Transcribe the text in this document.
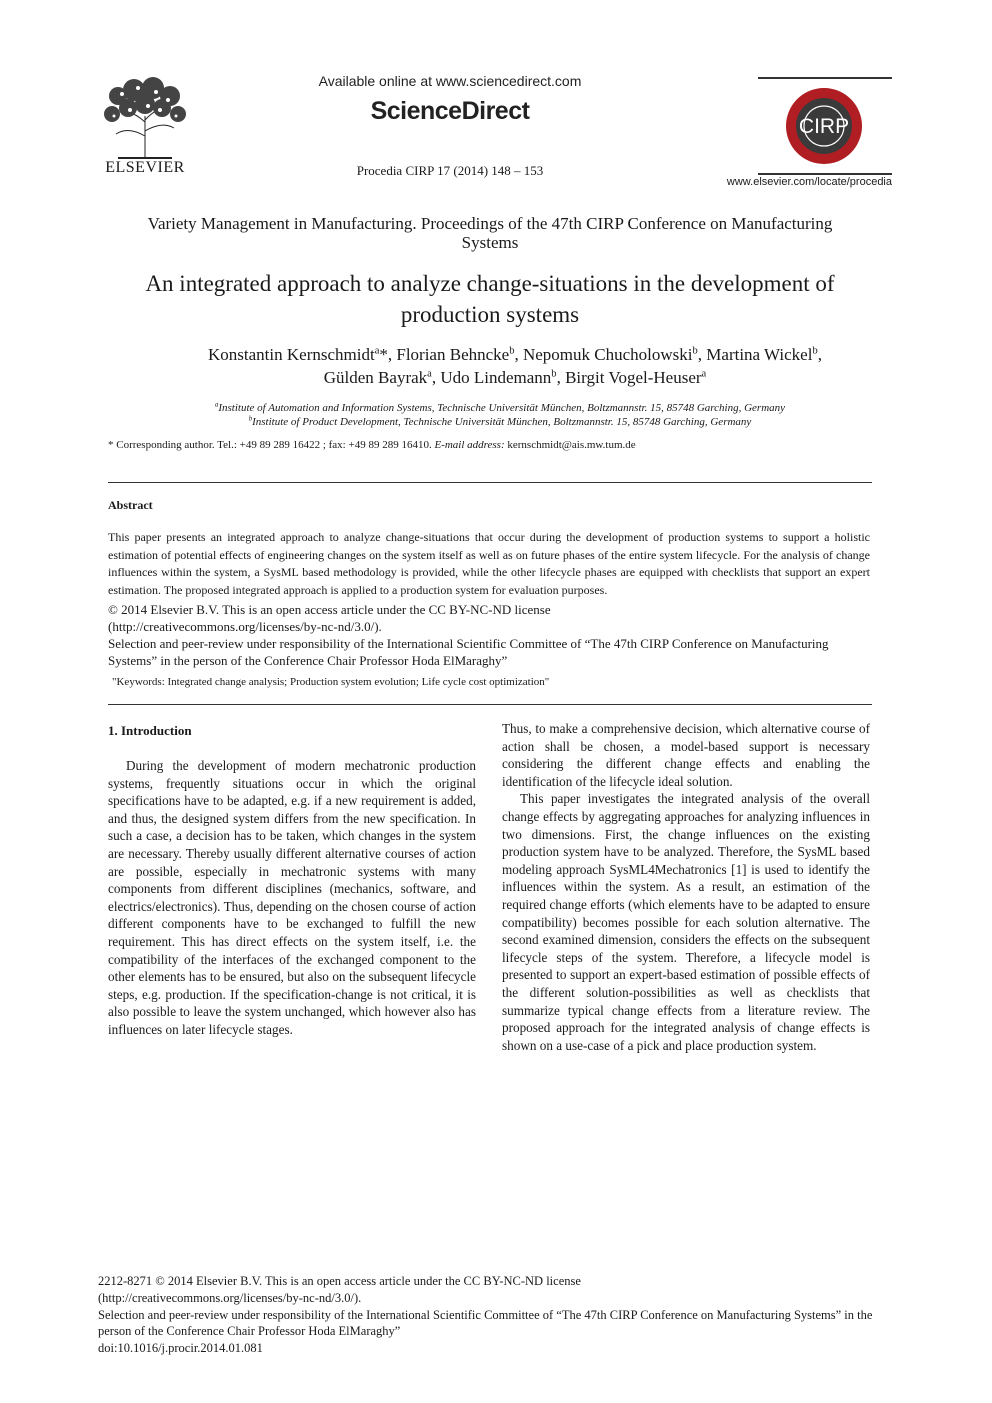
ELSEVIER
Available online at www.sciencedirect.com
ScienceDirect
Procedia CIRP 17 (2014) 148 – 153
CIRP
www.elsevier.com/locate/procedia
Variety Management in Manufacturing. Proceedings of the 47th CIRP Conference on Manufacturing Systems
An integrated approach to analyze change-situations in the development of production systems
Konstantin Kernschmidt$^a$*, Florian Behncke$^b$, Nepomuk Chucholowski$^b$, Martina Wickel$^b$,
Gülden Bayrak$^a$, Udo Lindemann$^b$, Birgit Vogel-Heuser$^a$
$^a$Institute of Automation and Information Systems, Technische Universität München, Boltzmannstr. 15, 85748 Garching, Germany
$^b$Institute of Product Development, Technische Universität München, Boltzmannstr. 15, 85748 Garching, Germany
* Corresponding author. Tel.: +49 89 289 16422 ; fax: +49 89 289 16410. E-mail address: kernschmidt@ais.mw.tum.de
Abstract
This paper presents an integrated approach to analyze change-situations that occur during the development of production systems to support a holistic estimation of potential effects of engineering changes on the system itself as well as on future phases of the entire system lifecycle. For the analysis of change influences within the system, a SysML based methodology is provided, while the other lifecycle phases are equipped with checklists that support an expert estimation. The proposed integrated approach is applied to a production system for evaluation purposes.
© 2014 Elsevier B.V. This is an open access article under the CC BY-NC-ND license
(http://creativecommons.org/licenses/by-nc-nd/3.0/).
Selection and peer-review under responsibility of the International Scientific Committee of “The 47th CIRP Conference on Manufacturing Systems” in the person of the Conference Chair Professor Hoda ElMaraghy”
"Keywords: Integrated change analysis; Production system evolution; Life cycle cost optimization"
1. Introduction

During the development of modern mechatronic production systems, frequently situations occur in which the original specifications have to be adapted, e.g. if a new requirement is added, and thus, the designed system differs from the new specification. In such a case, a decision has to be taken, which changes in the system are necessary. Thereby usually different alternative courses of action are possible, especially in mechatronic systems with many components from different disciplines (mechanics, software, and electrics/electronics). Thus, depending on the chosen course of action different components have to be exchanged to fulfill the new requirement. This has direct effects on the system itself, i.e. the compatibility of the interfaces of the exchanged component to the other elements has to be ensured, but also on the subsequent lifecycle steps, e.g. production. If the specification-change is not critical, it is also possible to leave the system unchanged, which however also has influences on later lifecycle stages.

Thus, to make a comprehensive decision, which alternative course of action shall be chosen, a model-based support is necessary considering the different change effects and enabling the identification of the lifecycle ideal solution.

This paper investigates the integrated analysis of the overall change effects by aggregating approaches for analyzing influences in two dimensions. First, the change influences on the existing production system have to be analyzed. Therefore, the SysML based modeling approach SysML4Mechatronics [1] is used to identify the influences within the system. As a result, an estimation of the required change efforts (which elements have to be adapted to ensure compatibility) becomes possible for each solution alternative. The second examined dimension, considers the effects on the subsequent lifecycle steps of the system. Therefore, a lifecycle model is presented to support an expert-based estimation of possible effects of the different solution-possibilities as well as checklists that summarize typical change effects from a literature review. The proposed approach for the integrated analysis of change effects is shown on a use-case of a pick and place production system.

2212-8271 © 2014 Elsevier B.V. This is an open access article under the CC BY-NC-ND license
(http://creativecommons.org/licenses/by-nc-nd/3.0/).
Selection and peer-review under responsibility of the International Scientific Committee of “The 47th CIRP Conference on Manufacturing Systems” in the person of the Conference Chair Professor Hoda ElMaraghy”
doi:10.1016/j.procir.2014.01.081
